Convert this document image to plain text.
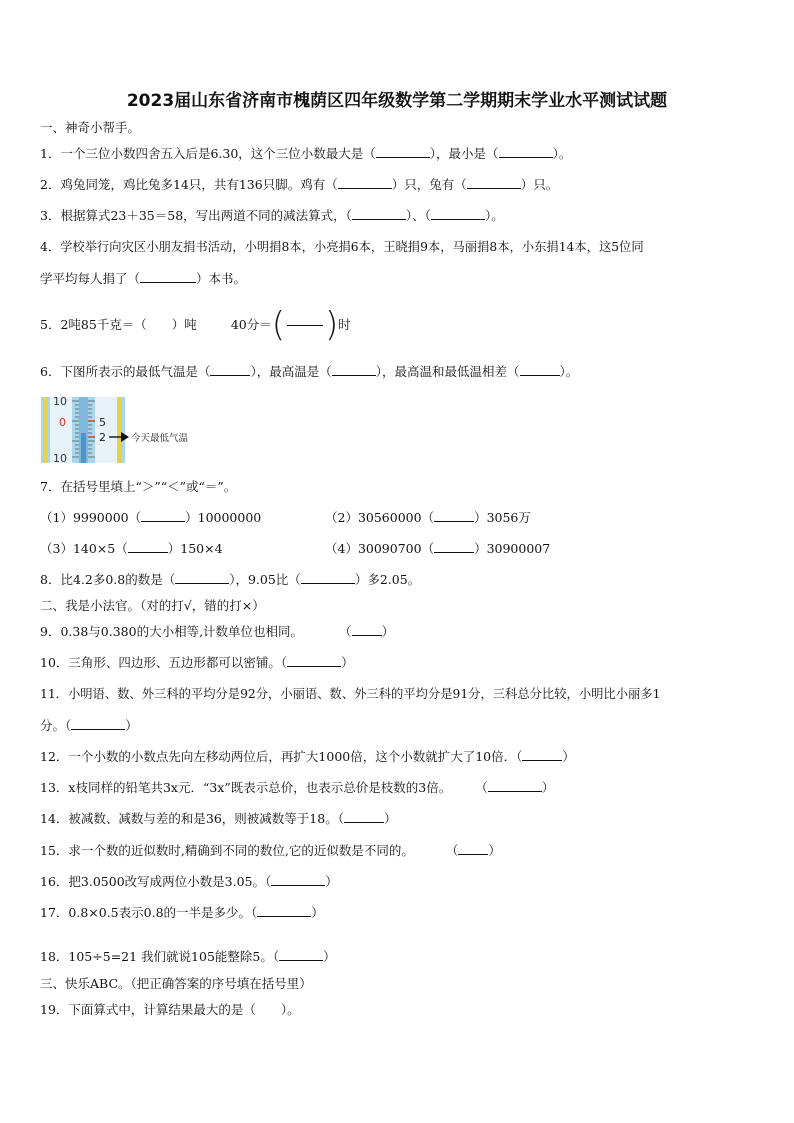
2023届山东省济南市槐荫区四年级数学第二学期期末学业水平测试试题
一、神奇小帮手。
1．一个三位小数四舍五入后是6.30，这个三位小数最大是（	），最小是（	）。
2．鸡兔同笼，鸡比兔多14只，共有136只脚。鸡有（	）只，兔有（	）只。
3．根据算式23＋35＝58，写出两道不同的减法算式，（	）、（	）。
4．学校举行向灾区小朋友捐书活动，小明捐8本，小亮捐6本，王晓捐9本，马丽捐8本，小东捐14本，这5位同
学平均每人捐了（	）本书。
5．2吨85千克＝（　　）吨	40分＝ ( ) 时
6．下图所表示的最低气温是（	），最高温是（	），最高温和最低温相差（	）。
10
0
10
5
2	今天最低气温
7．在括号里填上“＞”“＜”或“＝”。
（1）9990000（	）10000000	（2）30560000（	）3056万
（3）140×5（	）150×4	（4）30090700（	）30900007
8．比4.2多0.8的数是（	），9.05比（	）多2.05。
二、我是小法官。（对的打√，错的打×）
9．0.38与0.380的大小相等,计数单位也相同。	（ ）
10．三角形、四边形、五边形都可以密铺。（	）
11．小明语、数、外三科的平均分是92分，小丽语、数、外三科的平均分是91分，三科总分比较，小明比小丽多1
分。（	）
12．一个小数的小数点先向左移动两位后，再扩大1000倍，这个小数就扩大了10倍．（	）
13．x枝同样的铅笔共3x元．“3x”既表示总价，也表示总价是枝数的3倍。 （	）
14．被减数、减数与差的和是36，则被减数等于18。（	）
15．求一个数的近似数时,精确到不同的数位,它的近似数是不同的。	（ ）
16．把3.0500改写成两位小数是3.05。（	）
17．0.8×0.5表示0.8的一半是多少。（	）
18．105÷5=21 我们就说105能整除5。（	）
三、快乐ABC。（把正确答案的序号填在括号里）
19．下面算式中，计算结果最大的是（　　）。
